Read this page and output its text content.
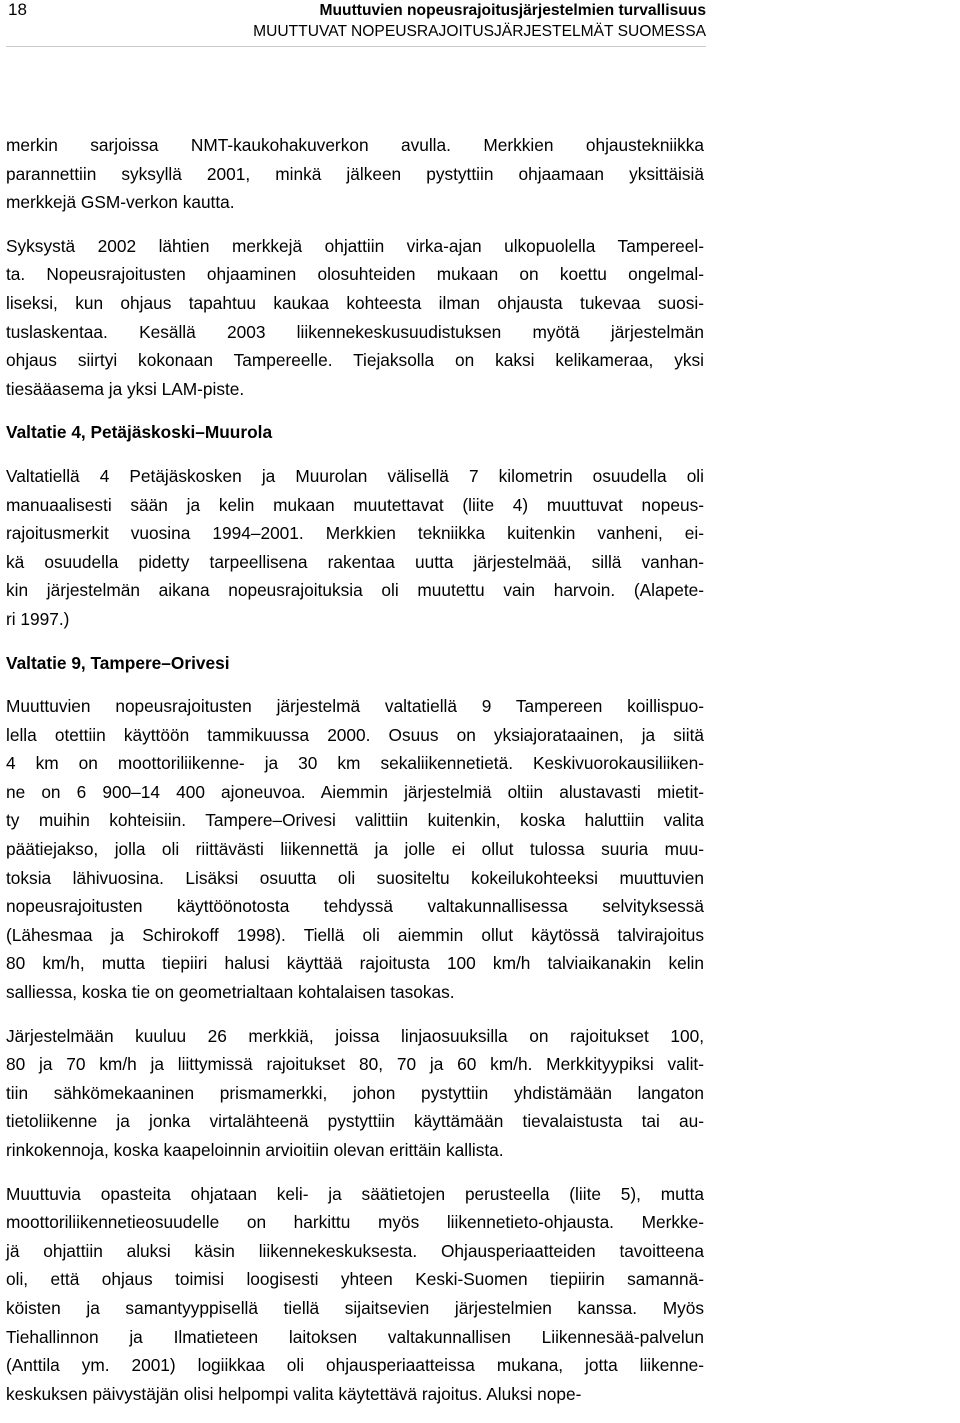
18	Muuttuvien nopeusrajoitusjärjestelmien turvallisuus
MUUTTUVAT NOPEUSRAJOITUSJÄRJESTELMÄT SUOMESSA

merkin sarjoissa NMT-kaukohakuverkon avulla. Merkkien ohjaustekniikka
parannettiin syksyllä 2001, minkä jälkeen pystyttiin ohjaamaan yksittäisiä
merkkejä GSM-verkon kautta.

Syksystä 2002 lähtien merkkejä ohjattiin virka-ajan ulkopuolella Tampereel-
ta. Nopeusrajoitusten ohjaaminen olosuhteiden mukaan on koettu ongelmal-
liseksi, kun ohjaus tapahtuu kaukaa kohteesta ilman ohjausta tukevaa suosi-
tuslaskentaa. Kesällä 2003 liikennekeskusuudistuksen myötä järjestelmän
ohjaus siirtyi kokonaan Tampereelle. Tiejaksolla on kaksi kelikameraa, yksi
tiesääasema ja yksi LAM-piste.

Valtatie 4, Petäjäskoski–Muurola

Valtatiellä 4 Petäjäskosken ja Muurolan välisellä 7 kilometrin osuudella oli
manuaalisesti sään ja kelin mukaan muutettavat (liite 4) muuttuvat nopeus-
rajoitusmerkit vuosina 1994–2001. Merkkien tekniikka kuitenkin vanheni, ei-
kä osuudella pidetty tarpeellisena rakentaa uutta järjestelmää, sillä vanhan-
kin järjestelmän aikana nopeusrajoituksia oli muutettu vain harvoin. (Alapete-
ri 1997.)

Valtatie 9, Tampere–Orivesi

Muuttuvien nopeusrajoitusten järjestelmä valtatiellä 9 Tampereen koillispuo-
lella otettiin käyttöön tammikuussa 2000. Osuus on yksiajorataainen, ja siitä
4 km on moottoriliikenne- ja 30 km sekaliikennetietä. Keskivuorokausiliiken-
ne on 6 900–14 400 ajoneuvoa. Aiemmin järjestelmiä oltiin alustavasti mietit-
ty muihin kohteisiin. Tampere–Orivesi valittiin kuitenkin, koska haluttiin valita
päätiejakso, jolla oli riittävästi liikennettä ja jolle ei ollut tulossa suuria muu-
toksia lähivuosina. Lisäksi osuutta oli suositeltu kokeilukohteeksi muuttuvien
nopeusrajoitusten käyttöönotosta tehdyssä valtakunnallisessa selvityksessä
(Lähesmaa ja Schirokoff 1998). Tiellä oli aiemmin ollut käytössä talvirajoitus
80 km/h, mutta tiepiiri halusi käyttää rajoitusta 100 km/h talviaikanakin kelin
salliessa, koska tie on geometrialtaan kohtalaisen tasokas.

Järjestelmään kuuluu 26 merkkiä, joissa linjaosuuksilla on rajoitukset 100,
80 ja 70 km/h ja liittymissä rajoitukset 80, 70 ja 60 km/h. Merkkityypiksi valit-
tiin sähkömekaaninen prismamerkki, johon pystyttiin yhdistämään langaton
tietoliikenne ja jonka virtalähteenä pystyttiin käyttämään tievalaistusta tai au-
rinkokennoja, koska kaapeloinnin arvioitiin olevan erittäin kallista.

Muuttuvia opasteita ohjataan keli- ja säätietojen perusteella (liite 5), mutta
moottoriliikennetieosuudelle on harkittu myös liikennetieto-ohjausta. Merkke-
jä ohjattiin aluksi käsin liikennekeskuksesta. Ohjausperiaatteiden tavoitteena
oli, että ohjaus toimisi loogisesti yhteen Keski-Suomen tiepiirin samannä-
köisten ja samantyyppisellä tiellä sijaitsevien järjestelmien kanssa. Myös
Tiehallinnon ja Ilmatieteen laitoksen valtakunnallisen Liikennesää-palvelun
(Anttila ym. 2001) logiikkaa oli ohjausperiaatteissa mukana, jotta liikenne-
keskuksen päivystäjän olisi helpompi valita käytettävä rajoitus. Aluksi nope-
